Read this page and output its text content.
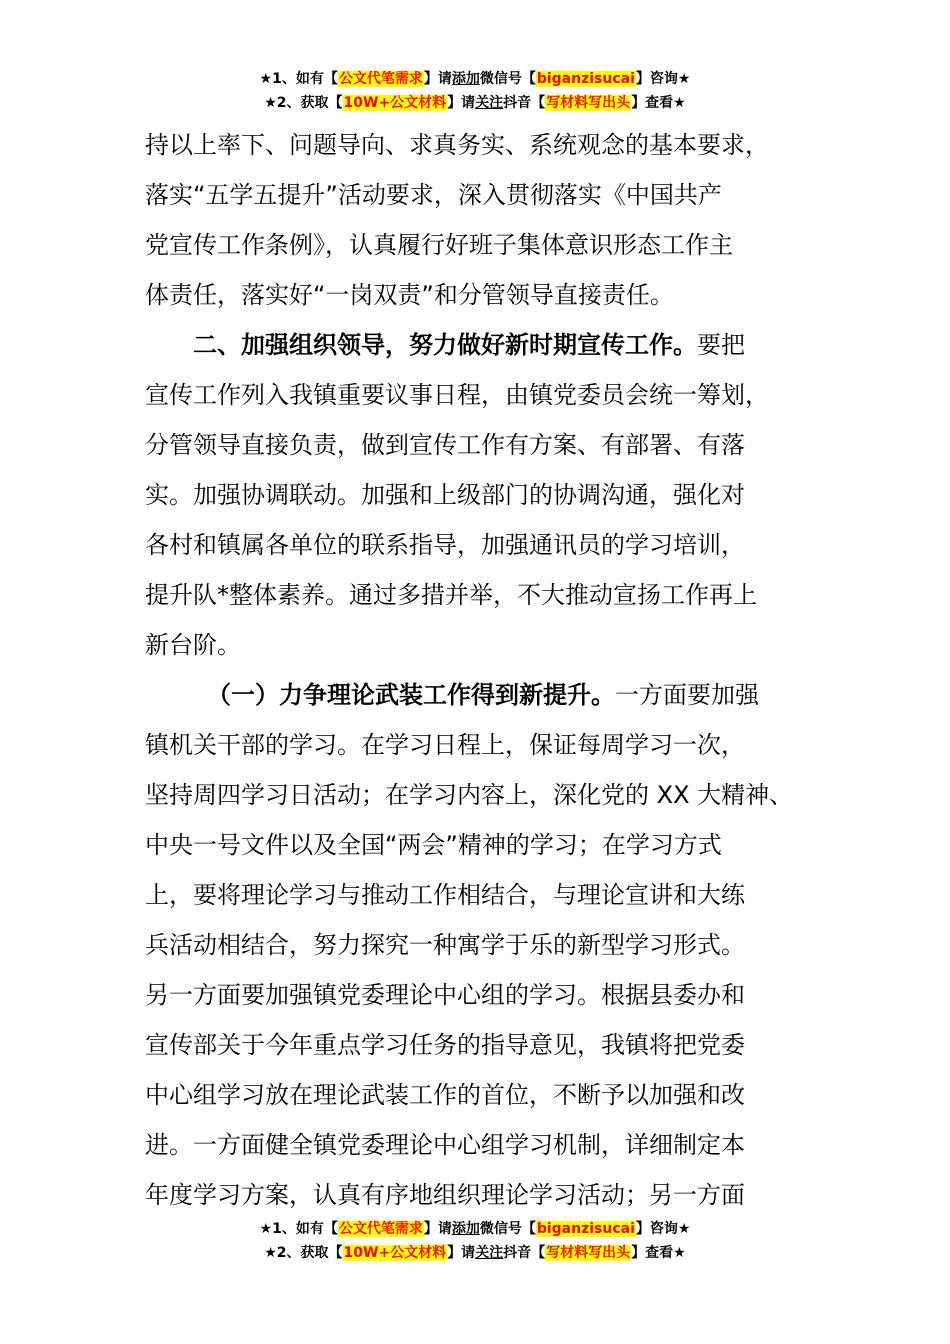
★1、如有【公文代笔需求】请添加微信号【biganzisucai】咨询★
★2、获取【10W+公文材料】请关注抖音【写材料写出头】查看★
持以上率下、问题导向、求真务实、系统观念的基本要求，
落实“五学五提升”活动要求，深入贯彻落实《中国共产
党宣传工作条例》，认真履行好班子集体意识形态工作主
体责任，落实好“一岗双责”和分管领导直接责任。
二、加强组织领导，努力做好新时期宣传工作。要把
宣传工作列入我镇重要议事日程，由镇党委员会统一筹划，
分管领导直接负责，做到宣传工作有方案、有部署、有落
实。加强协调联动。加强和上级部门的协调沟通，强化对
各村和镇属各单位的联系指导，加强通讯员的学习培训，
提升队*整体素养。通过多措并举，不大推动宣扬工作再上
新台阶。
（一）力争理论武装工作得到新提升。一方面要加强
镇机关干部的学习。在学习日程上，保证每周学习一次，
坚持周四学习日活动；在学习内容上，深化党的 XX 大精神、
中央一号文件以及全国“两会”精神的学习；在学习方式
上，要将理论学习与推动工作相结合，与理论宣讲和大练
兵活动相结合，努力探究一种寓学于乐的新型学习形式。
另一方面要加强镇党委理论中心组的学习。根据县委办和
宣传部关于今年重点学习任务的指导意见，我镇将把党委
中心组学习放在理论武装工作的首位，不断予以加强和改
进。一方面健全镇党委理论中心组学习机制，详细制定本
年度学习方案，认真有序地组织理论学习活动；另一方面
★1、如有【公文代笔需求】请添加微信号【biganzisucai】咨询★
★2、获取【10W+公文材料】请关注抖音【写材料写出头】查看★
